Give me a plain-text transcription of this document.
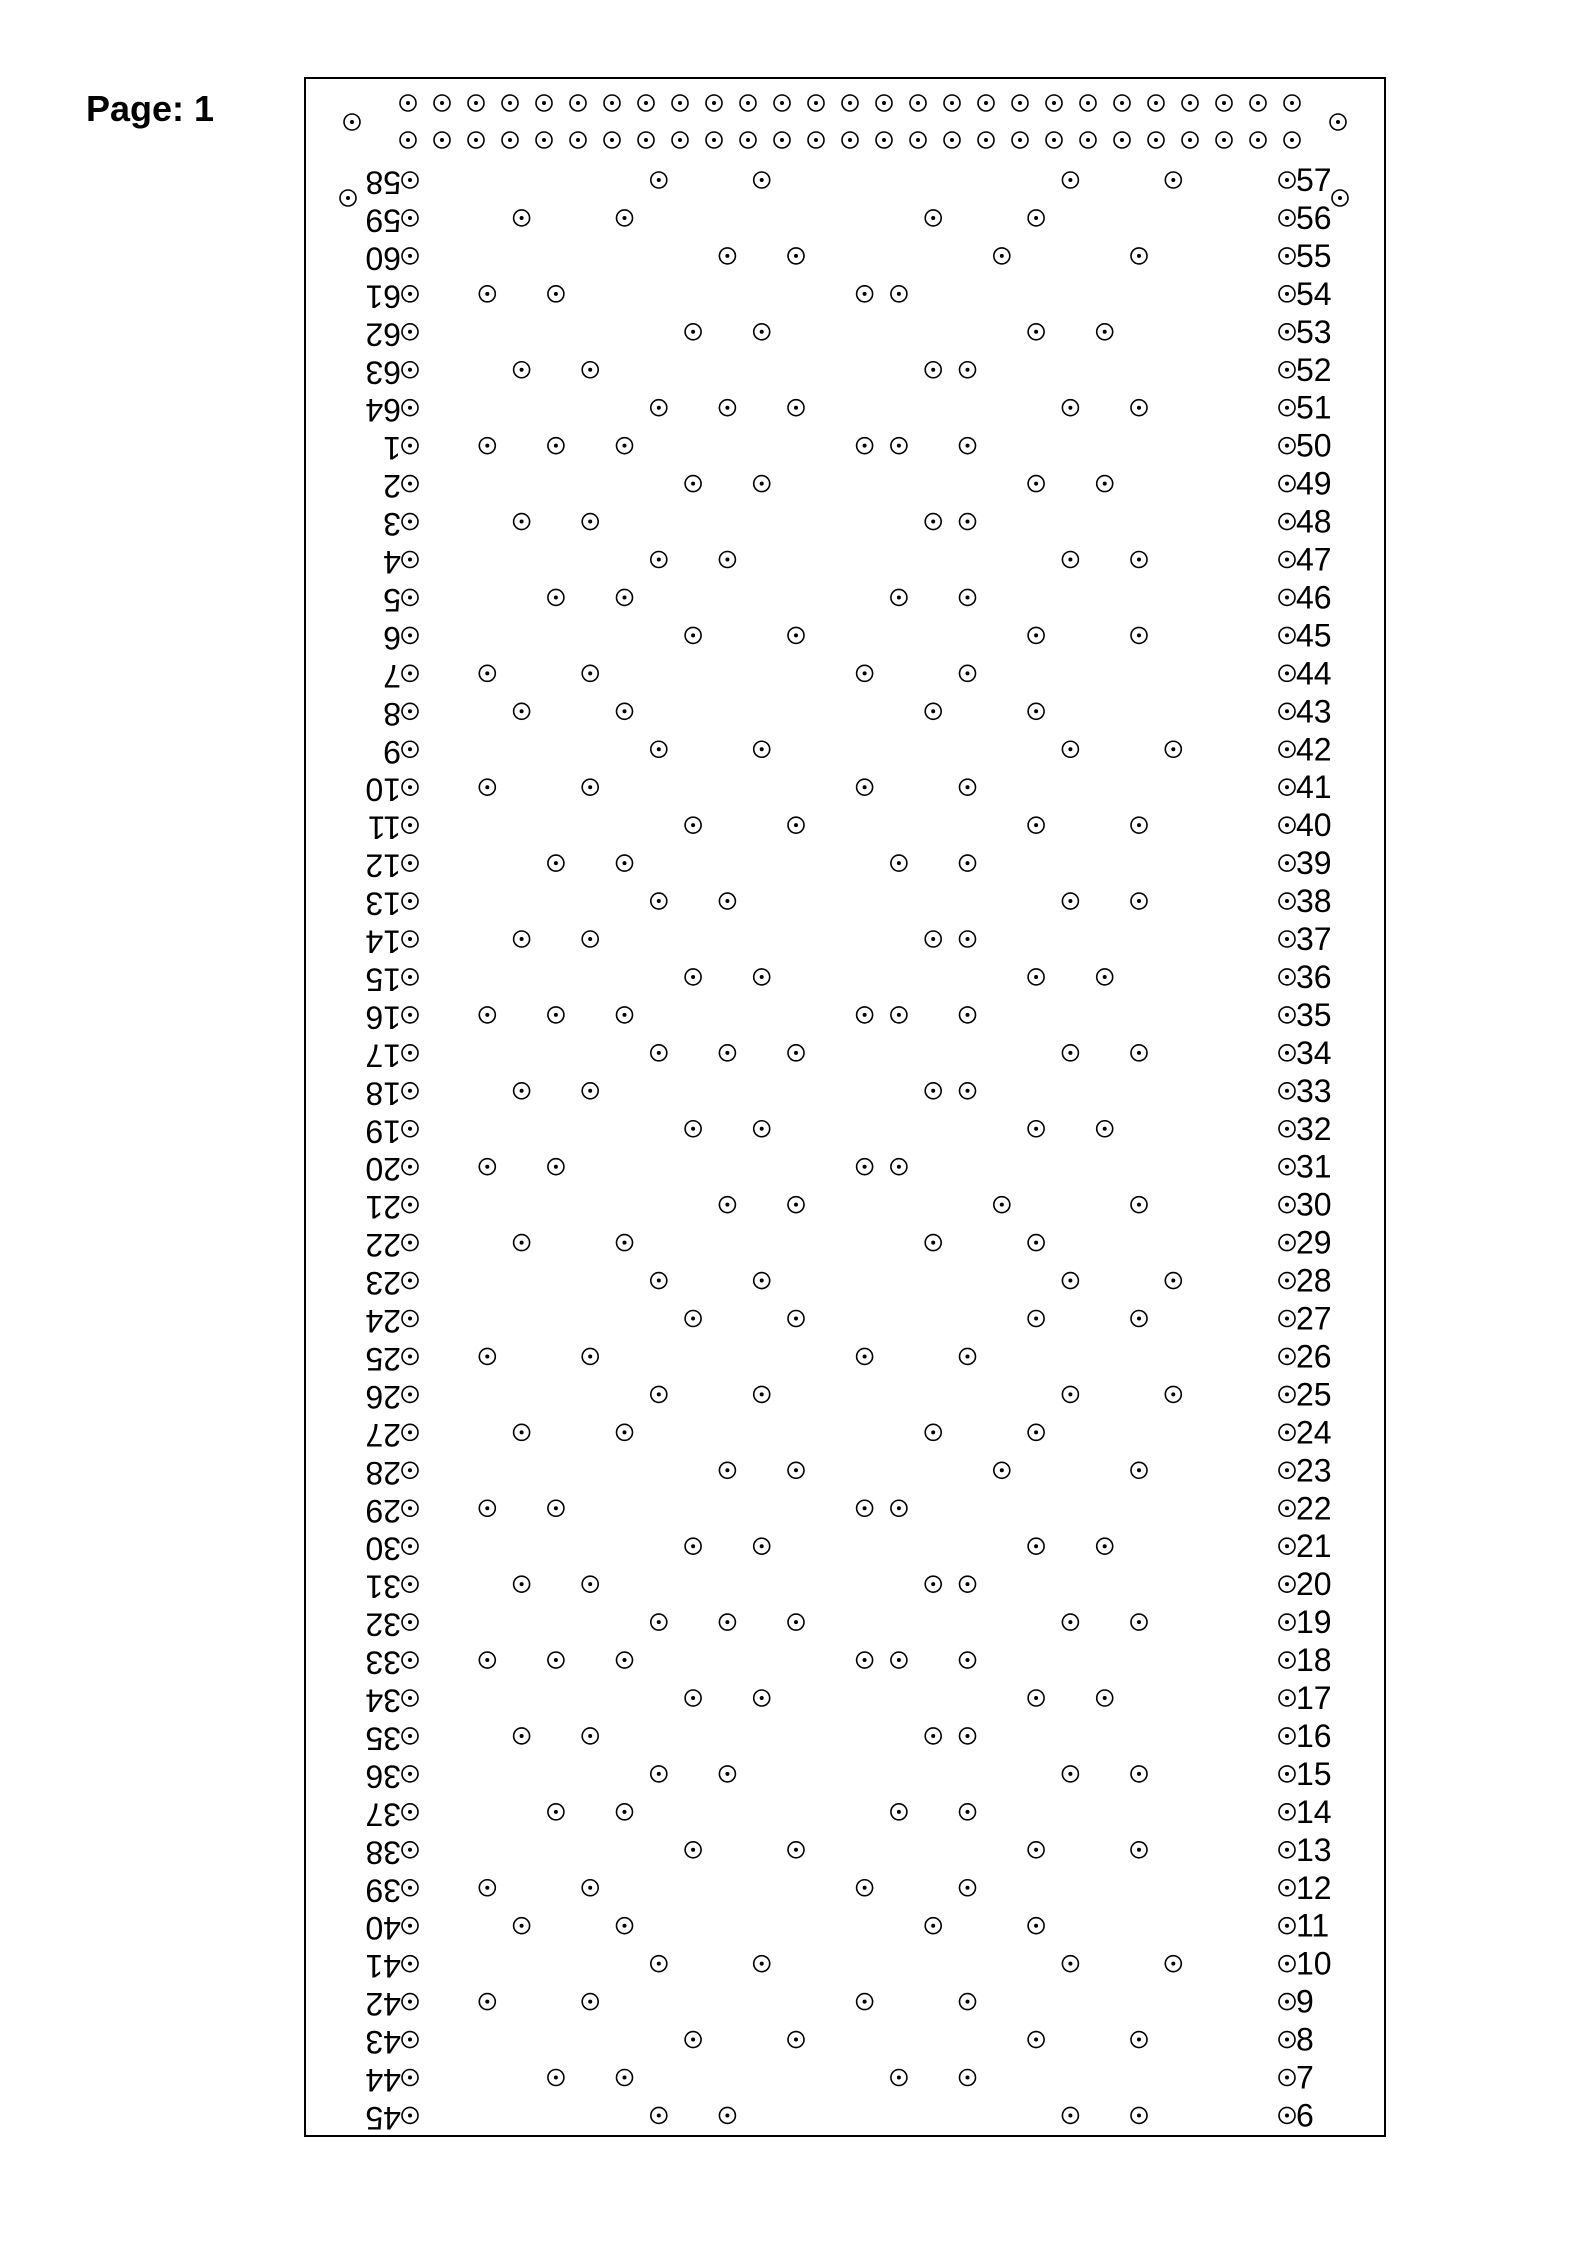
Page: 1
58
59
60
61
62
63
64
1
2
3
4
5
6
7
8
9
10
11
12
13
14
15
16
17
18
19
20
21
22
23
24
25
26
27
28
29
30
31
32
33
34
35
36
37
38
39
40
41
42
43
44
45
57
56
55
54
53
52
51
50
49
48
47
46
45
44
43
42
41
40
39
38
37
36
35
34
33
32
31
30
29
28
27
26
25
24
23
22
21
20
19
18
17
16
15
14
13
12
11
10
9
8
7
6
